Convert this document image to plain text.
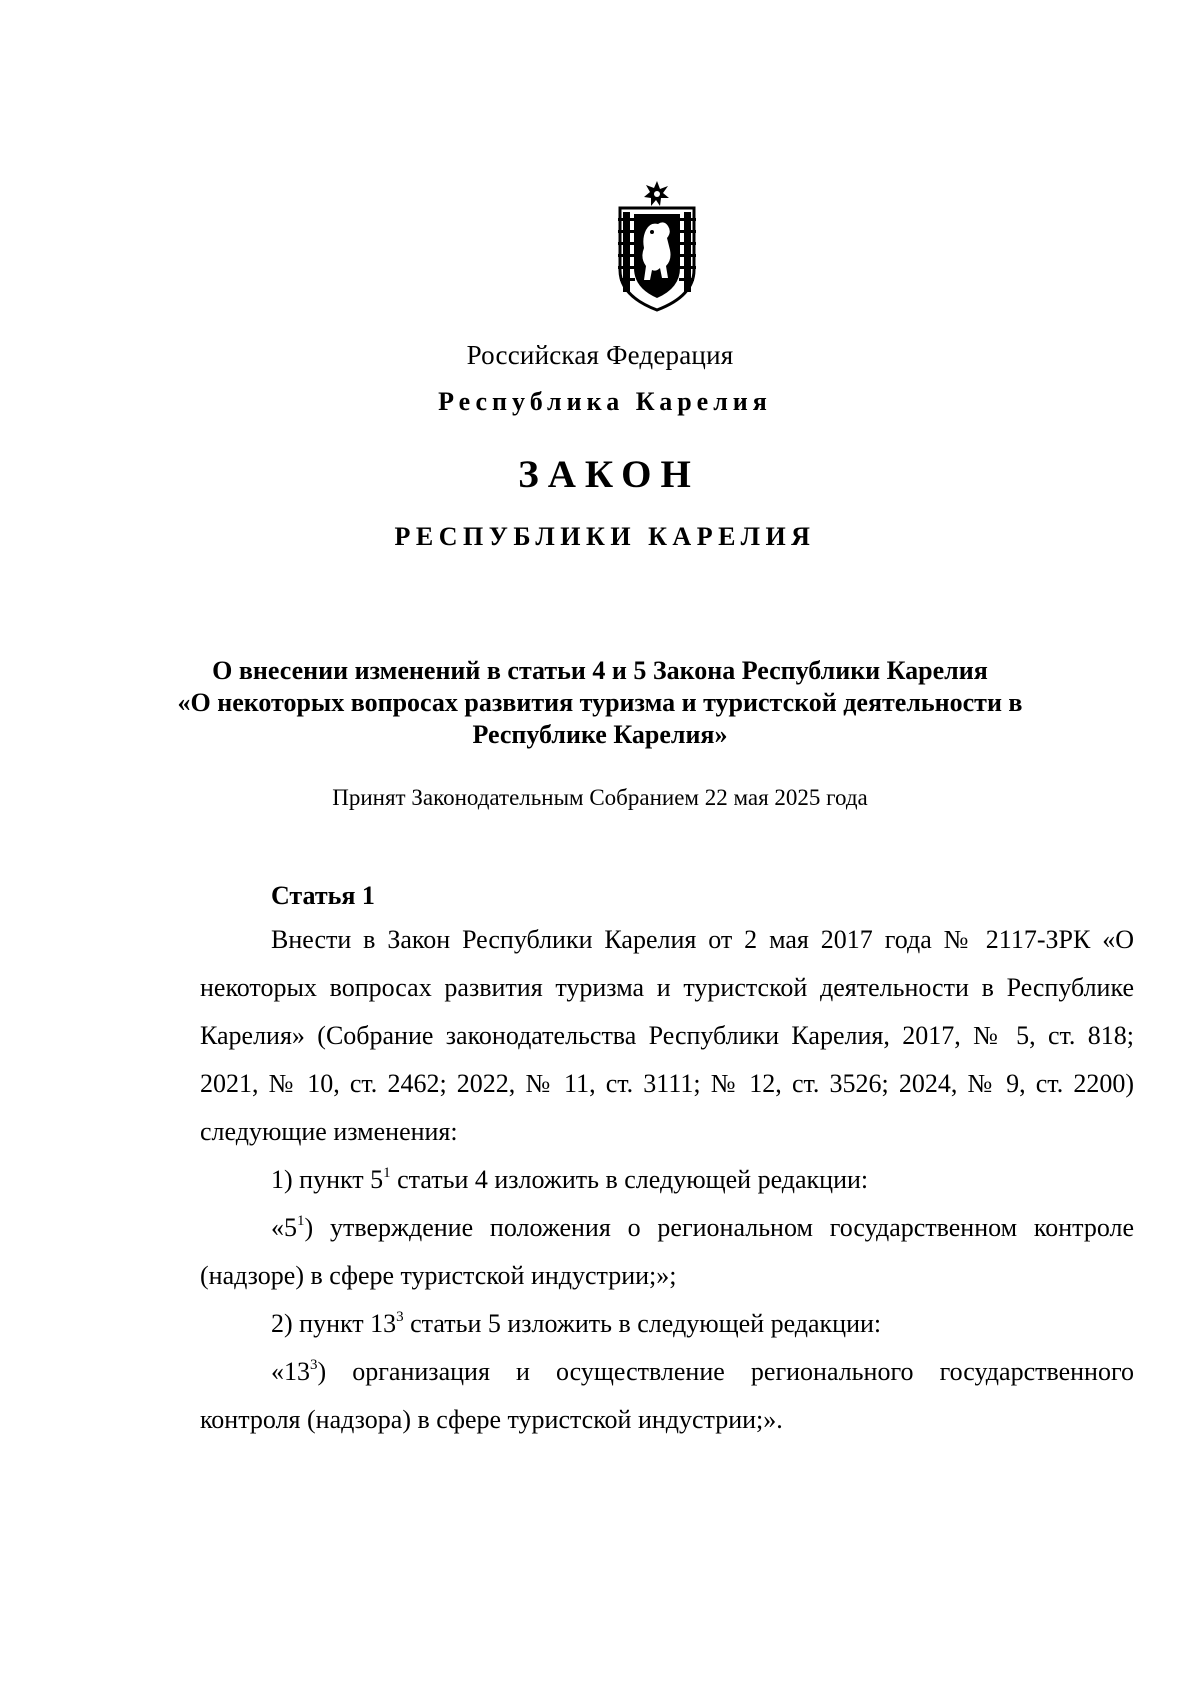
Российская Федерация
Республика Карелия
ЗАКОН
РЕСПУБЛИКИ КАРЕЛИЯ
О внесении изменений в статьи 4 и 5 Закона Республики Карелия
«О некоторых вопросах развития туризма и туристской деятельности в
Республике Карелия»
Принят Законодательным Собранием 22 мая 2025 года
Статья 1

Внести в Закон Республики Карелия от 2 мая 2017 года № 2117-ЗРК «О некоторых вопросах развития туризма и туристской деятельности в Республике Карелия» (Собрание законодательства Республики Карелия, 2017, № 5, ст. 818; 2021, № 10, ст. 2462; 2022, № 11, ст. 3111; № 12, ст. 3526; 2024, № 9, ст. 2200) следующие изменения:

1) пункт $5^1$ статьи 4 изложить в следующей редакции:

«$5^1$) утверждение положения о региональном государственном контроле (надзоре) в сфере туристской индустрии;»;

2) пункт $13^3$ статьи 5 изложить в следующей редакции:

«$13^3$) организация и осуществление регионального государственного контроля (надзора) в сфере туристской индустрии;».
